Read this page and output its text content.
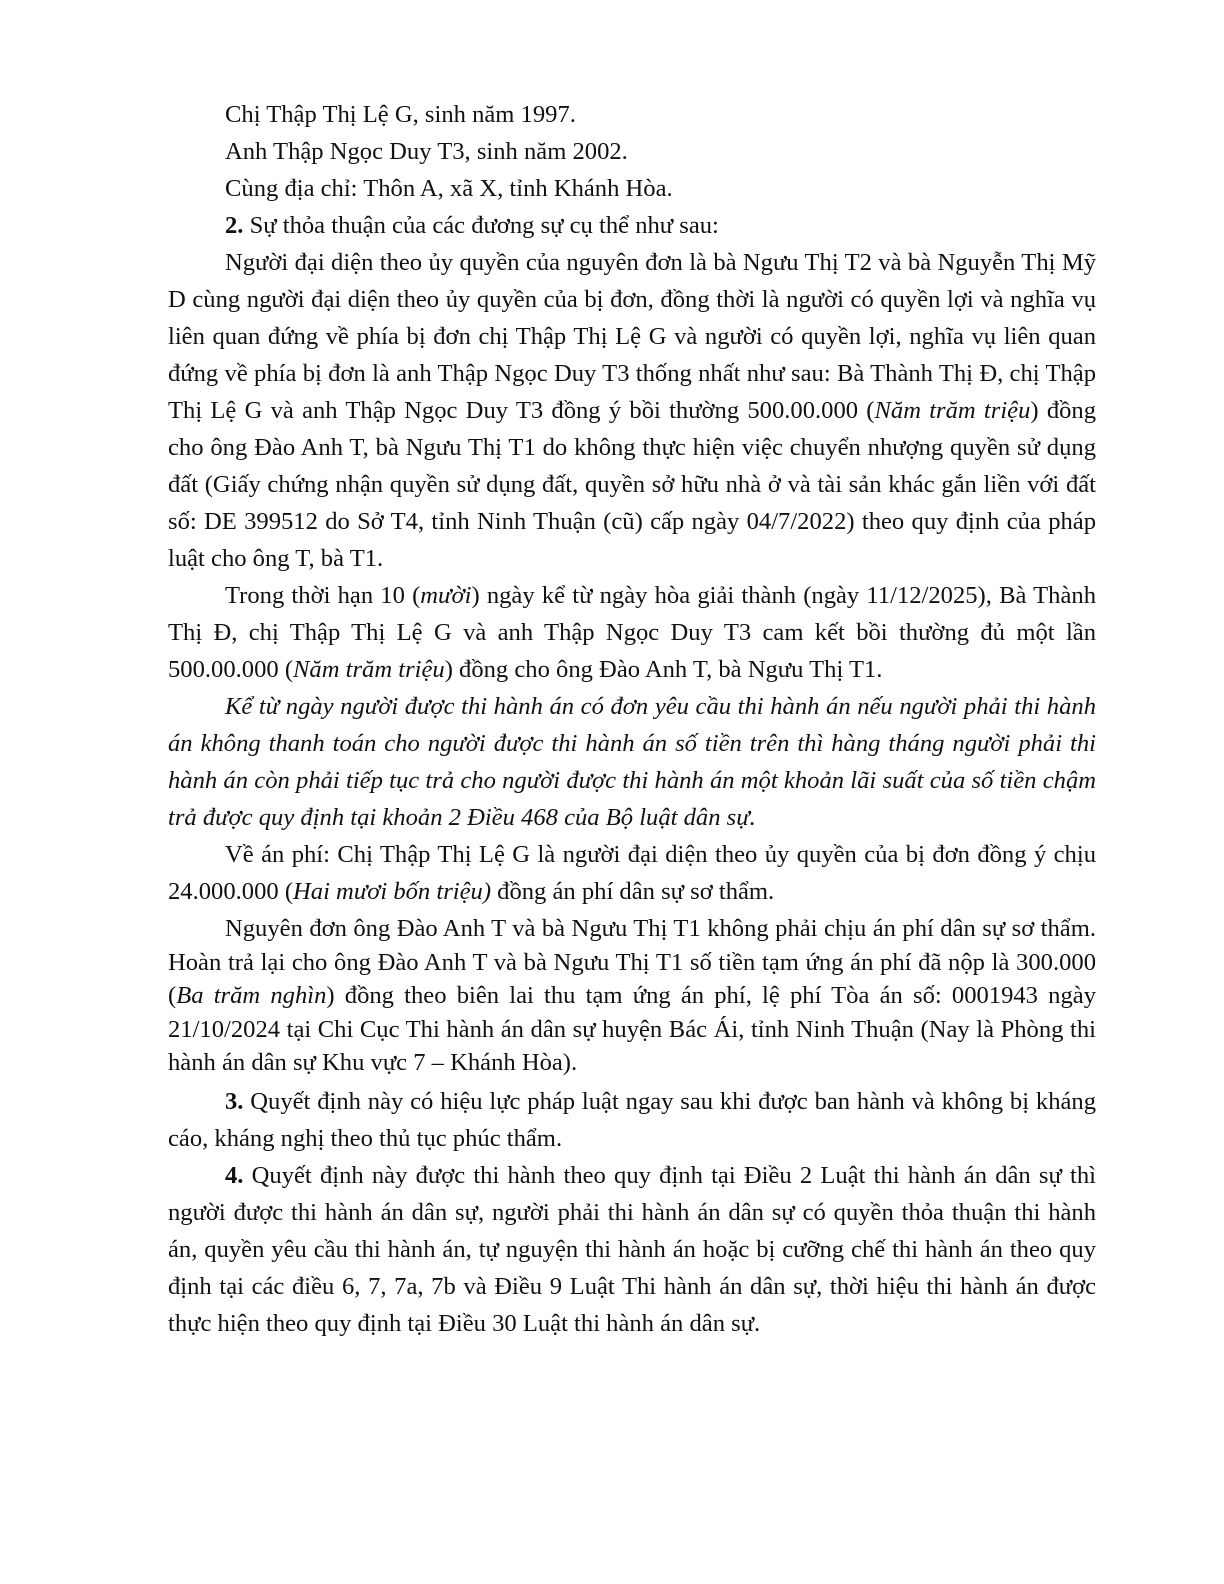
Chị Thập Thị Lệ G, sinh năm 1997.

Anh Thập Ngọc Duy T3, sinh năm 2002.

Cùng địa chỉ: Thôn A, xã X, tỉnh Khánh Hòa.

2. Sự thỏa thuận của các đương sự cụ thể như sau:

Người đại diện theo ủy quyền của nguyên đơn là bà Ngưu Thị T2 và bà Nguyễn Thị Mỹ D cùng người đại diện theo ủy quyền của bị đơn, đồng thời là người có quyền lợi và nghĩa vụ liên quan đứng về phía bị đơn chị Thập Thị Lệ G và người có quyền lợi, nghĩa vụ liên quan đứng về phía bị đơn là anh Thập Ngọc Duy T3 thống nhất như sau: Bà Thành Thị Đ, chị Thập Thị Lệ G và anh Thập Ngọc Duy T3 đồng ý bồi thường 500.00.000 (Năm trăm triệu) đồng cho ông Đào Anh T, bà Ngưu Thị T1 do không thực hiện việc chuyển nhượng quyền sử dụng đất (Giấy chứng nhận quyền sử dụng đất, quyền sở hữu nhà ở và tài sản khác gắn liền với đất số: DE 399512 do Sở T4, tỉnh Ninh Thuận (cũ) cấp ngày 04/7/2022) theo quy định của pháp luật cho ông T, bà T1.

Trong thời hạn 10 (mười) ngày kể từ ngày hòa giải thành (ngày 11/12/2025), Bà Thành Thị Đ, chị Thập Thị Lệ G và anh Thập Ngọc Duy T3 cam kết bồi thường đủ một lần 500.00.000 (Năm trăm triệu) đồng cho ông Đào Anh T, bà Ngưu Thị T1.

Kể từ ngày người được thi hành án có đơn yêu cầu thi hành án nếu người phải thi hành án không thanh toán cho người được thi hành án số tiền trên thì hàng tháng người phải thi hành án còn phải tiếp tục trả cho người được thi hành án một khoản lãi suất của số tiền chậm trả được quy định tại khoản 2 Điều 468 của Bộ luật dân sự.

Về án phí: Chị Thập Thị Lệ G là người đại diện theo ủy quyền của bị đơn đồng ý chịu 24.000.000 (Hai mươi bốn triệu) đồng án phí dân sự sơ thẩm.

Nguyên đơn ông Đào Anh T và bà Ngưu Thị T1 không phải chịu án phí dân sự sơ thẩm. Hoàn trả lại cho ông Đào Anh T và bà Ngưu Thị T1 số tiền tạm ứng án phí đã nộp là 300.000 (Ba trăm nghìn) đồng theo biên lai thu tạm ứng án phí, lệ phí Tòa án số: 0001943 ngày 21/10/2024 tại Chi Cục Thi hành án dân sự huyện Bác Ái, tỉnh Ninh Thuận (Nay là Phòng thi hành án dân sự Khu vực 7 – Khánh Hòa).

3. Quyết định này có hiệu lực pháp luật ngay sau khi được ban hành và không bị kháng cáo, kháng nghị theo thủ tục phúc thẩm.

4. Quyết định này được thi hành theo quy định tại Điều 2 Luật thi hành án dân sự thì người được thi hành án dân sự, người phải thi hành án dân sự có quyền thỏa thuận thi hành án, quyền yêu cầu thi hành án, tự nguyện thi hành án hoặc bị cưỡng chế thi hành án theo quy định tại các điều 6, 7, 7a, 7b và Điều 9 Luật Thi hành án dân sự, thời hiệu thi hành án được thực hiện theo quy định tại Điều 30 Luật thi hành án dân sự.
